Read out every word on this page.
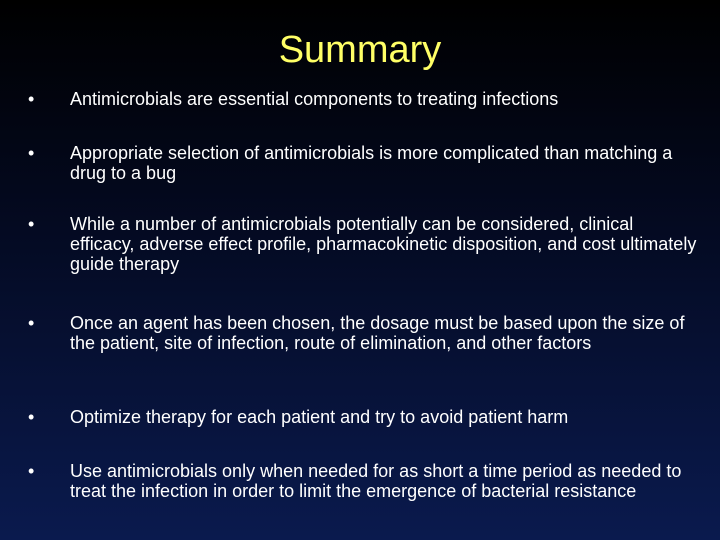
Summary
• Antimicrobials are essential components to treating infections
• Appropriate selection of antimicrobials is more complicated than matching a drug to a bug
• While a number of antimicrobials potentially can be considered, clinical efficacy, adverse effect profile, pharmacokinetic disposition, and cost ultimately guide therapy
• Once an agent has been chosen, the dosage must be based upon the size of the patient, site of infection, route of elimination, and other factors
• Optimize therapy for each patient and try to avoid patient harm
• Use antimicrobials only when needed for as short a time period as needed to treat the infection in order to limit the emergence of bacterial resistance
